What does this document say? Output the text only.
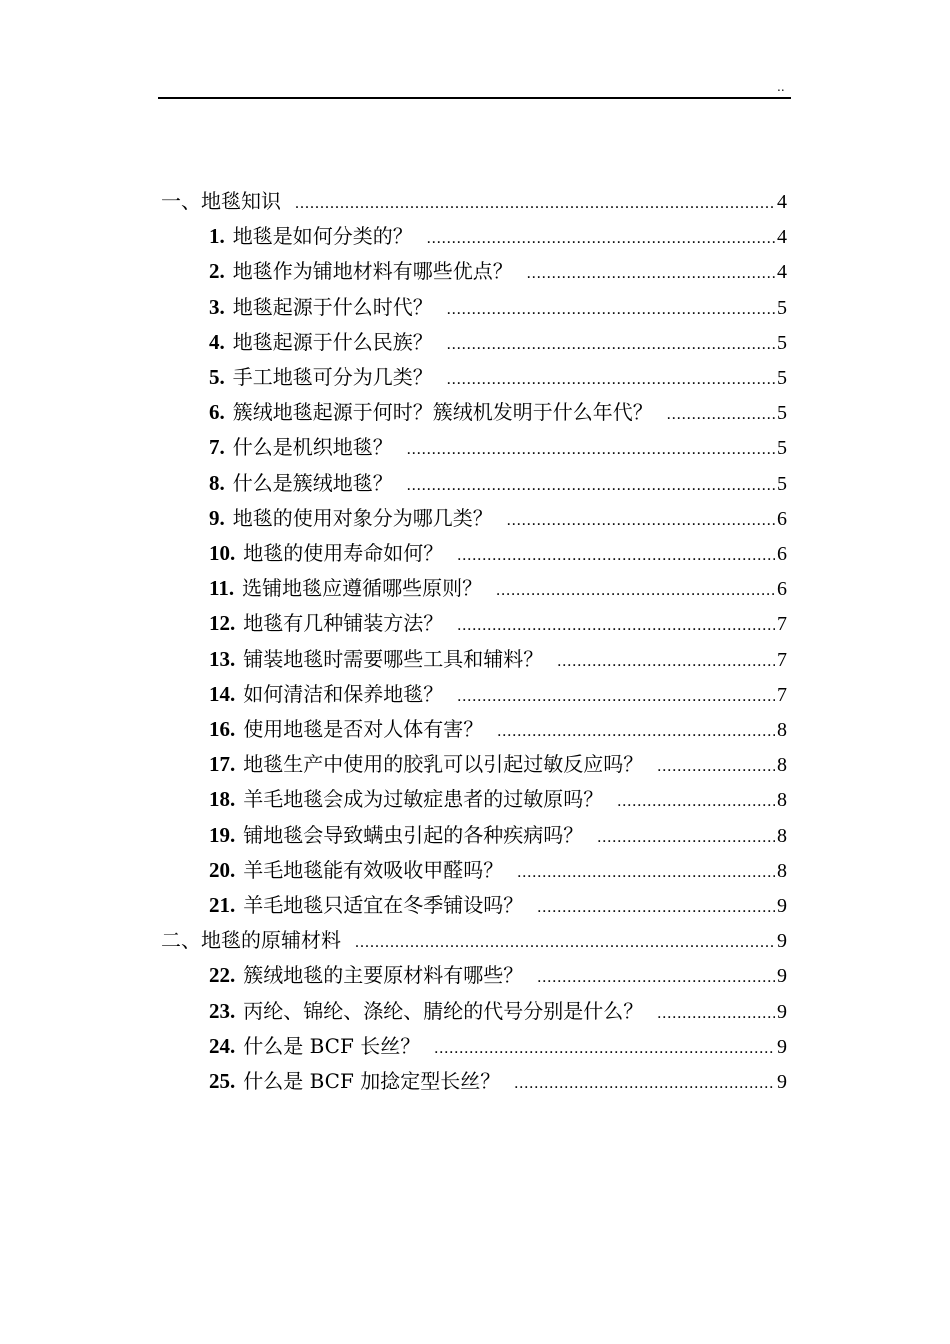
..
一、地毯知识 .....	4
1 . 地毯是如何分类的？ .....	4
2 . 地毯作为铺地材料有哪些优点？ .....	4
3 . 地毯起源于什么时代？ .....	5
4 . 地毯起源于什么民族？ .....	5
5 . 手工地毯可分为几类？ .....	5
6 . 簇绒地毯起源于何时？簇绒机发明于什么年代？ .....	5
7 . 什么是机织地毯？ .....	5
8 . 什么是簇绒地毯？ .....	5
9 . 地毯的使用对象分为哪几类？ .....	6
10 . 地毯的使用寿命如何？ .....	6
11 . 选铺地毯应遵循哪些原则？ .....	6
12 . 地毯有几种铺装方法？ .....	7
13 . 铺装地毯时需要哪些工具和辅料？ .....	7
14 . 如何清洁和保养地毯？ .....	7
16 . 使用地毯是否对人体有害？ .....	8
17 . 地毯生产中使用的胶乳可以引起过敏反应吗？ .....	8
18 . 羊毛地毯会成为过敏症患者的过敏原吗？ .....	8
19 . 铺地毯会导致螨虫引起的各种疾病吗？ .....	8
20 . 羊毛地毯能有效吸收甲醛吗？ .....	8
21 . 羊毛地毯只适宜在冬季铺设吗？ .....	9
二、地毯的原辅材料 .....	9
22 . 簇绒地毯的主要原材料有哪些？ .....	9
23 . 丙纶、锦纶、涤纶、腈纶的代号分别是什么？ .....	9
24 . 什么是 BCF 长丝？ .....	9
25 . 什么是 BCF 加捻定型长丝？ .....	9
